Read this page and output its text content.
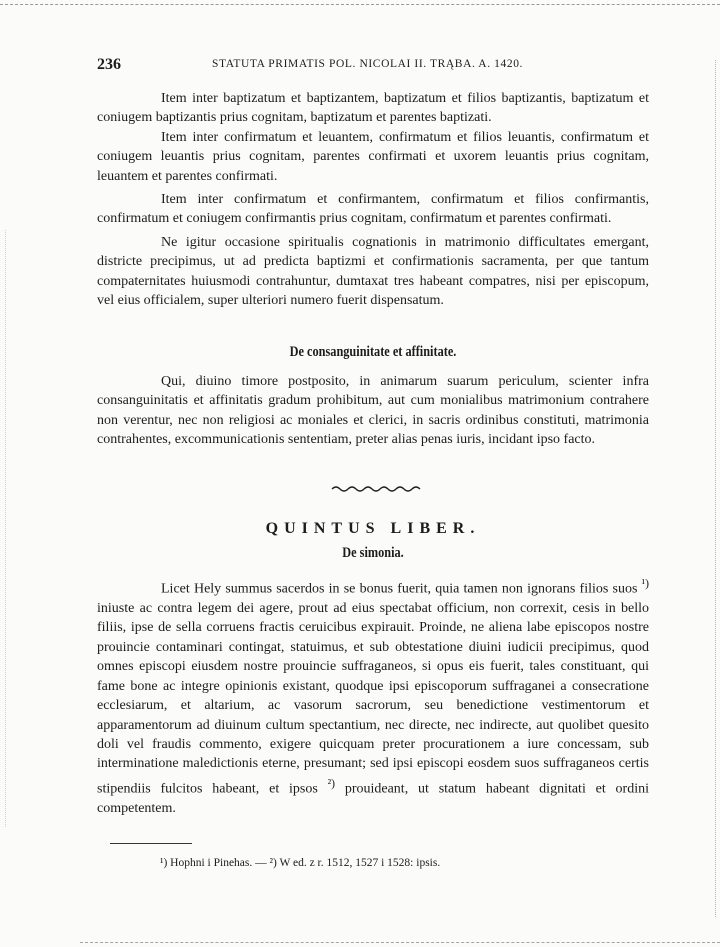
236	STATUTA PRIMATIS POL. NICOLAI II. TRĄBA. A. 1420.

Item inter baptizatum et baptizantem, baptizatum et filios baptizantis, baptizatum et coniugem baptizantis prius cognitam, baptizatum et parentes baptizati.

Item inter confirmatum et leuantem, confirmatum et filios leuantis, confirmatum et coniugem leuantis prius cognitam, parentes confirmati et uxorem leuantis prius cognitam, leuantem et parentes confirmati.

Item inter confirmatum et confirmantem, confirmatum et filios confirmantis, confirmatum et coniugem confirmantis prius cognitam, confirmatum et parentes confirmati.

Ne igitur occasione spiritualis cognationis in matrimonio difficultates emergant, districte precipimus, ut ad predicta baptizmi et confirmationis sacramenta, per que tantum compaternitates huiusmodi contrahuntur, dumtaxat tres habeant compatres, nisi per episcopum, vel eius officialem, super ulteriori numero fuerit dispensatum.

De consanguinitate et affinitate.

Qui, diuino timore postposito, in animarum suarum periculum, scienter infra consanguinitatis et affinitatis gradum prohibitum, aut cum monialibus matrimonium contrahere non verentur, nec non religiosi ac moniales et clerici, in sacris ordinibus constituti, matrimonia contrahentes, excommunicationis sententiam, preter alias penas iuris, incidant ipso facto.

QUINTUS LIBER.
De simonia.

Licet Hely summus sacerdos in se bonus fuerit, quia tamen non ignorans filios suos $^{^1)}$ iniuste ac contra legem dei agere, prout ad eius spectabat officium, non correxit, cesis in bello filiis, ipse de sella corruens fractis ceruicibus expirauit. Proinde, ne aliena labe episcopos nostre prouincie contaminari contingat, statuimus, et sub obtestatione diuini iudicii precipimus, quod omnes episcopi eiusdem nostre prouincie suffraganeos, si opus eis fuerit, tales constituant, qui fame bone ac integre opinionis existant, quodque ipsi episcoporum suffraganei a consecratione ecclesiarum, et altarium, ac vasorum sacrorum, seu benedictione vestimentorum et apparamentorum ad diuinum cultum spectantium, nec directe, nec indirecte, aut quolibet quesito doli vel fraudis commento, exigere quicquam preter procurationem a iure concessam, sub interminatione maledictionis eterne, presumant; sed ipsi episcopi eosdem suos suffraganeos certis stipendiis fulcitos habeant, et ipsos $^{^2)}$ prouideant, ut statum habeant dignitati et ordini competentem.

¹) Hophni i Pinehas. — ²) W ed. z r. 1512, 1527 i 1528: ipsis.
